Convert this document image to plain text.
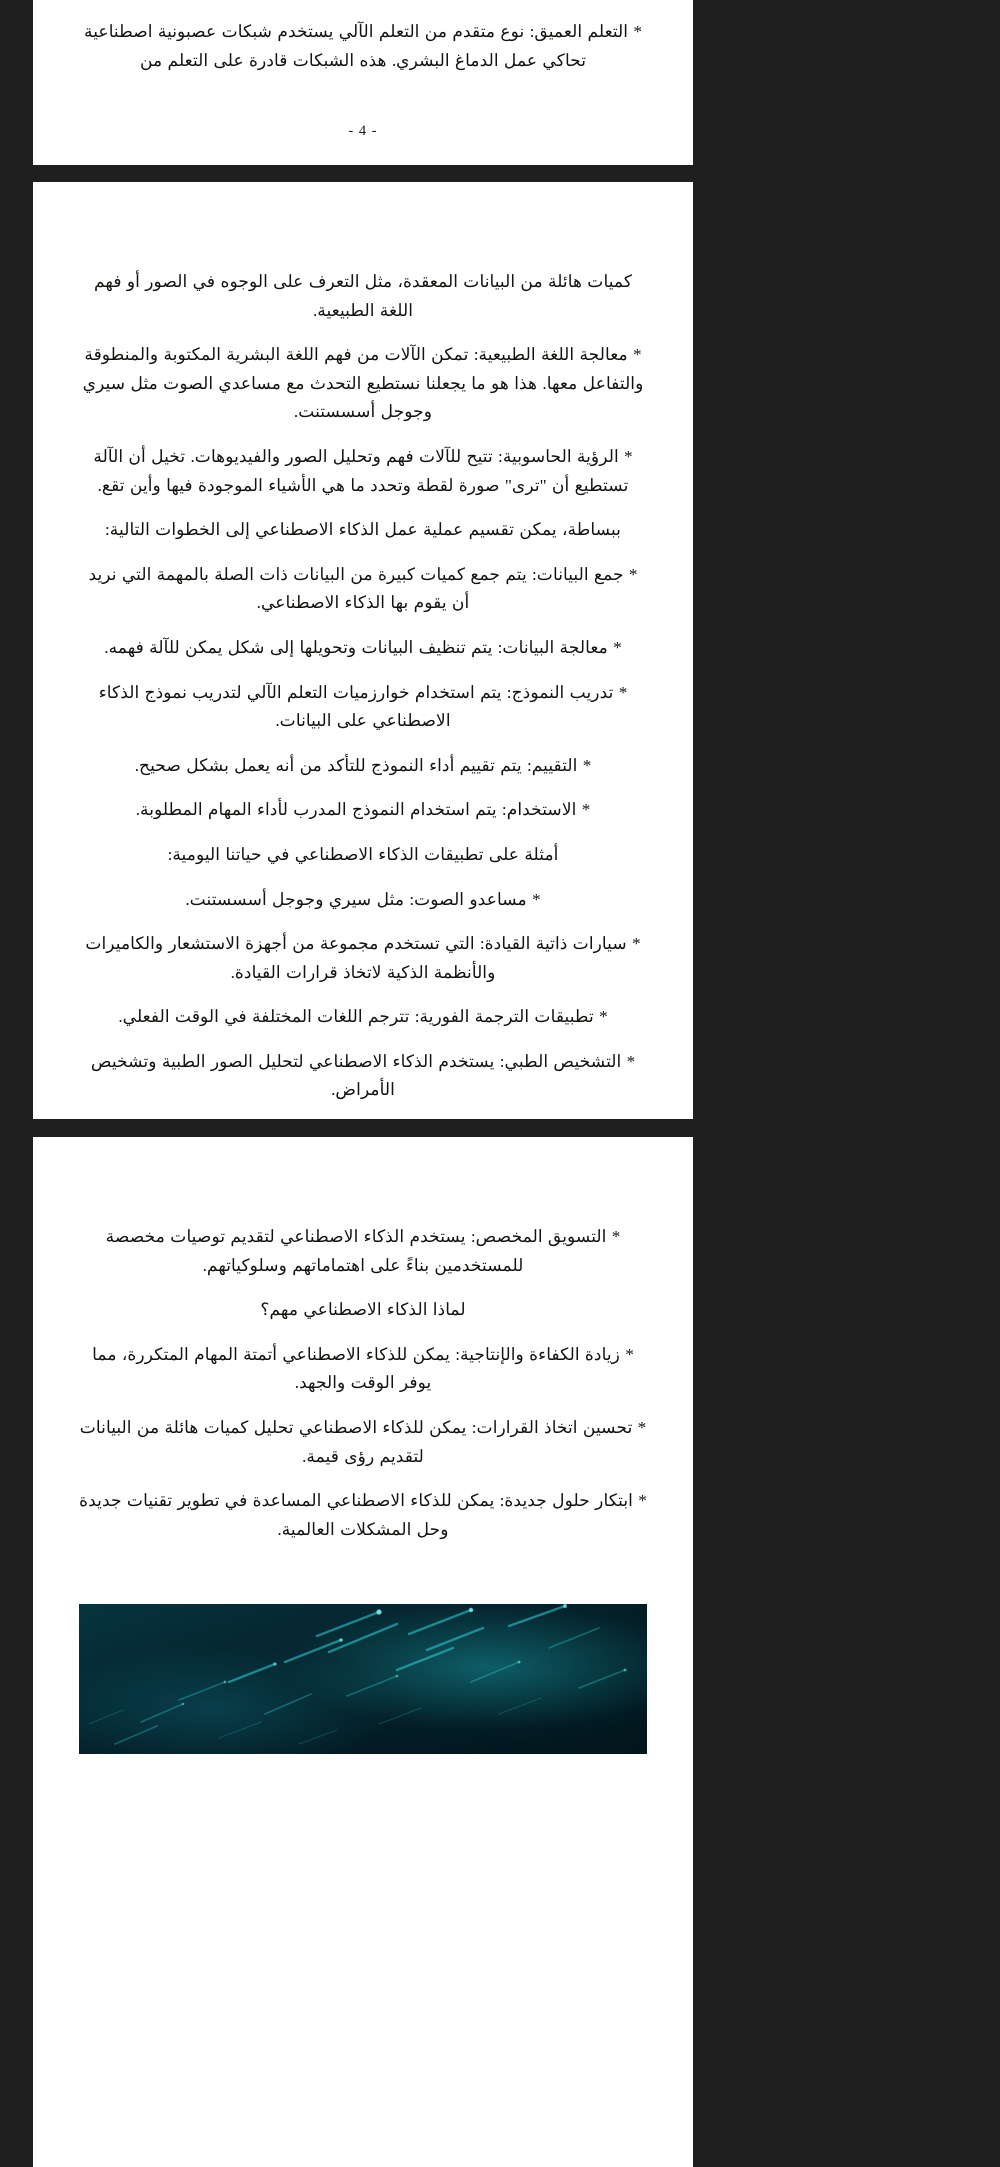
* التعلم العميق: نوع متقدم من التعلم الآلي يستخدم شبكات عصبونية اصطناعية تحاكي عمل الدماغ البشري. هذه الشبكات قادرة على التعلم من

- 4 -

كميات هائلة من البيانات المعقدة، مثل التعرف على الوجوه في الصور أو فهم اللغة الطبيعية.

* معالجة اللغة الطبيعية: تمكن الآلات من فهم اللغة البشرية المكتوبة والمنطوقة والتفاعل معها. هذا هو ما يجعلنا نستطيع التحدث مع مساعدي الصوت مثل سيري وجوجل أسسستنت.

* الرؤية الحاسوبية: تتيح للآلات فهم وتحليل الصور والفيديوهات. تخيل أن الآلة تستطيع أن "ترى" صورة لقطة وتحدد ما هي الأشياء الموجودة فيها وأين تقع.

ببساطة، يمكن تقسيم عملية عمل الذكاء الاصطناعي إلى الخطوات التالية:

* جمع البيانات: يتم جمع كميات كبيرة من البيانات ذات الصلة بالمهمة التي نريد أن يقوم بها الذكاء الاصطناعي.

* معالجة البيانات: يتم تنظيف البيانات وتحويلها إلى شكل يمكن للآلة فهمه.

* تدريب النموذج: يتم استخدام خوارزميات التعلم الآلي لتدريب نموذج الذكاء الاصطناعي على البيانات.

* التقييم: يتم تقييم أداء النموذج للتأكد من أنه يعمل بشكل صحيح.

* الاستخدام: يتم استخدام النموذج المدرب لأداء المهام المطلوبة.

أمثلة على تطبيقات الذكاء الاصطناعي في حياتنا اليومية:

* مساعدو الصوت: مثل سيري وجوجل أسسستنت.

* سيارات ذاتية القيادة: التي تستخدم مجموعة من أجهزة الاستشعار والكاميرات والأنظمة الذكية لاتخاذ قرارات القيادة.

* تطبيقات الترجمة الفورية: تترجم اللغات المختلفة في الوقت الفعلي.

* التشخيص الطبي: يستخدم الذكاء الاصطناعي لتحليل الصور الطبية وتشخيص الأمراض.

* التسويق المخصص: يستخدم الذكاء الاصطناعي لتقديم توصيات مخصصة للمستخدمين بناءً على اهتماماتهم وسلوكياتهم.

لماذا الذكاء الاصطناعي مهم؟

* زيادة الكفاءة والإنتاجية: يمكن للذكاء الاصطناعي أتمتة المهام المتكررة، مما يوفر الوقت والجهد.

* تحسين اتخاذ القرارات: يمكن للذكاء الاصطناعي تحليل كميات هائلة من البيانات لتقديم رؤى قيمة.

* ابتكار حلول جديدة: يمكن للذكاء الاصطناعي المساعدة في تطوير تقنيات جديدة وحل المشكلات العالمية.
